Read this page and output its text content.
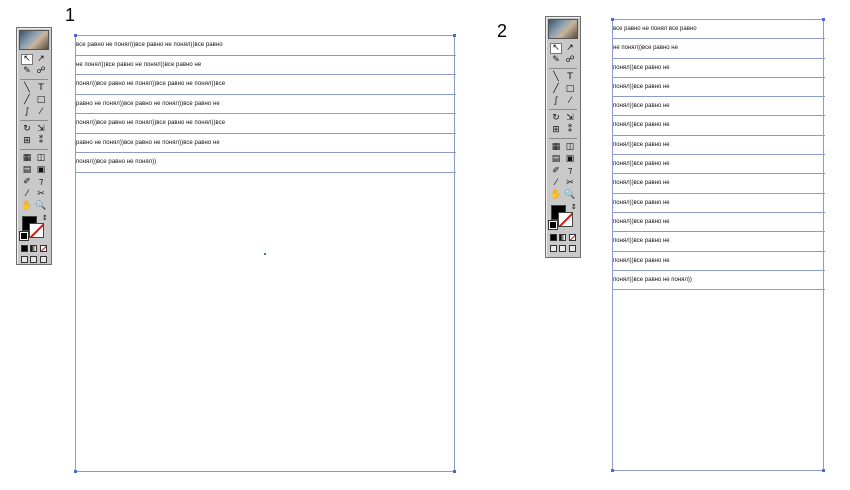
1
↖ ↗
✎ ☍
╲ T
╱ □
∫	⁄
↻ ⇲
⊞ ⁑
▦ ◫
▤ ▣
✐ ⁊
⁄	✂
✋ 🔍
↕
все равно не понял))все равно не понял))все равно
не понял))все равно не понял))все равно не
понял))все равно не понял))все равно не понял))все
равно не понял))все равно не понял))все равно не
понял))все равно не понял))все равно не понял))все
равно не понял))все равно не понял))все равно не
понял))все равно не понял))
2
↖ ↗
✎ ☍
╲ T
╱ □
∫	⁄
↻ ⇲
⊞ ⁑
▦ ◫
▤ ▣
✐ ⁊
⁄	✂
✋ 🔍
↕
все равно не понял все равно
не понял))все равно не
понял))все равно не
понял))все равно не
понял))все равно не
понял))все равно не
понял))все равно не
понял))все равно не
понял))все равно не
понял))все равно не
понял))все равно не
понял))все равно не
понял))все равно не
понял))все равно не понял))
